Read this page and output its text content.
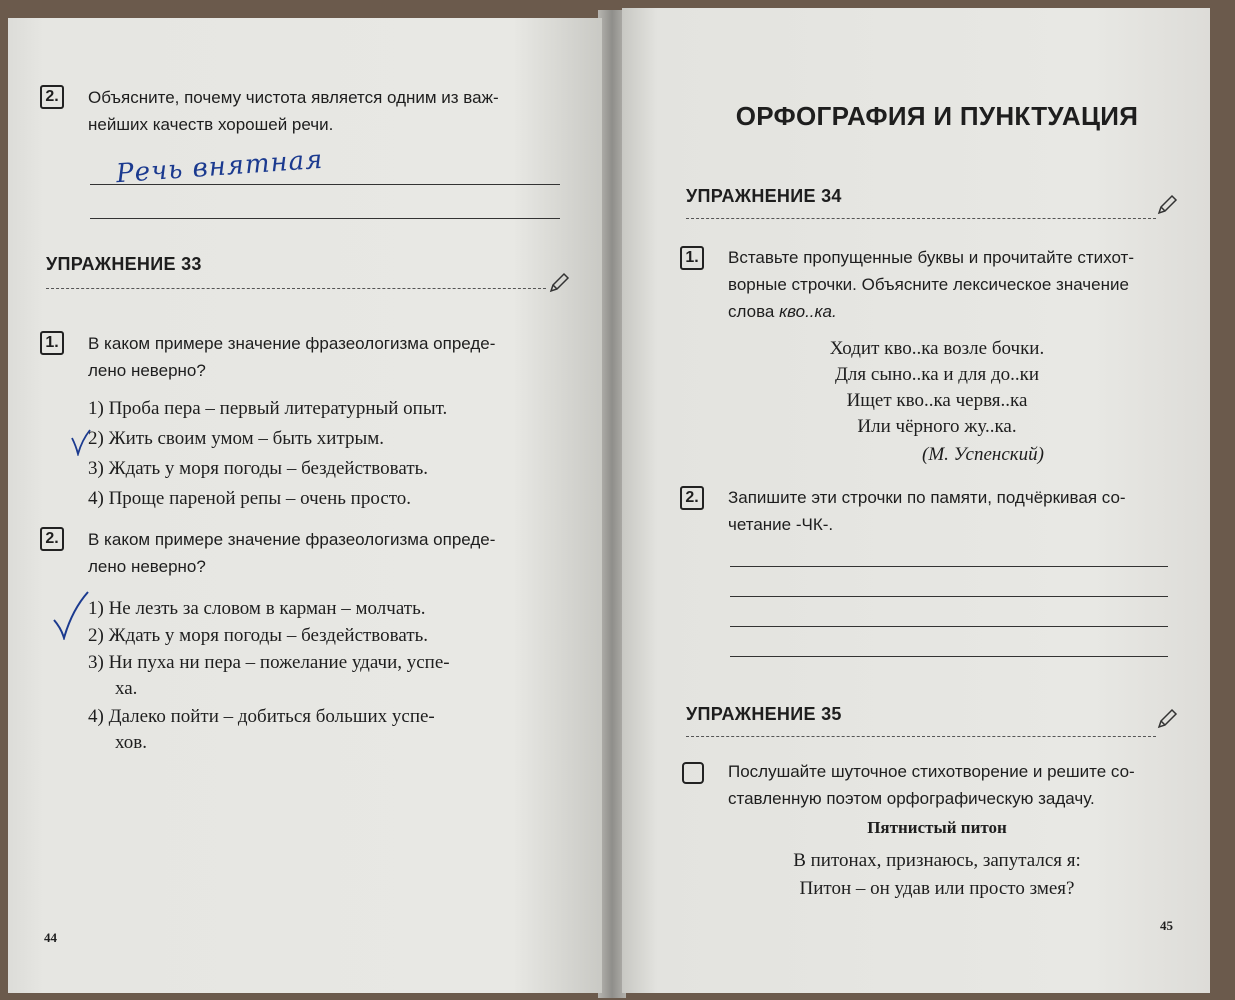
2.	Объясните, почему чистота является одним из важ-
нейших качеств хорошей речи.
Речь внятная
УПРАЖНЕНИЕ 33
1.	В каком примере значение фразеологизма опреде-
лено неверно?
1) Проба пера – первый литературный опыт.
2) Жить своим умом – быть хитрым.
3) Ждать у моря погоды – бездействовать.
4) Проще пареной репы – очень просто.
2.	В каком примере значение фразеологизма опреде-
лено неверно?
1) Не лезть за словом в карман – молчать.
2) Ждать у моря погоды – бездействовать.
3) Ни пуха ни пера – пожелание удачи, успе-
ха.
4) Далеко пойти – добиться больших успе-
хов.
44
ОРФОГРАФИЯ И ПУНКТУАЦИЯ
УПРАЖНЕНИЕ 34
1.	Вставьте пропущенные буквы и прочитайте стихот-
ворные строчки. Объясните лексическое значение
слова кво..ка.
Ходит кво..ка возле бочки.
Для сыно..ка и для до..ки
Ищет кво..ка червя..ка
Или чёрного жу..ка.
(М. Успенский)
2.	Запишите эти строчки по памяти, подчёркивая со-
четание -ЧК-.
УПРАЖНЕНИЕ 35
Послушайте шуточное стихотворение и решите со-
ставленную поэтом орфографическую задачу.
Пятнистый питон
В питонах, признаюсь, запутался я:
Питон – он удав или просто змея?
45
